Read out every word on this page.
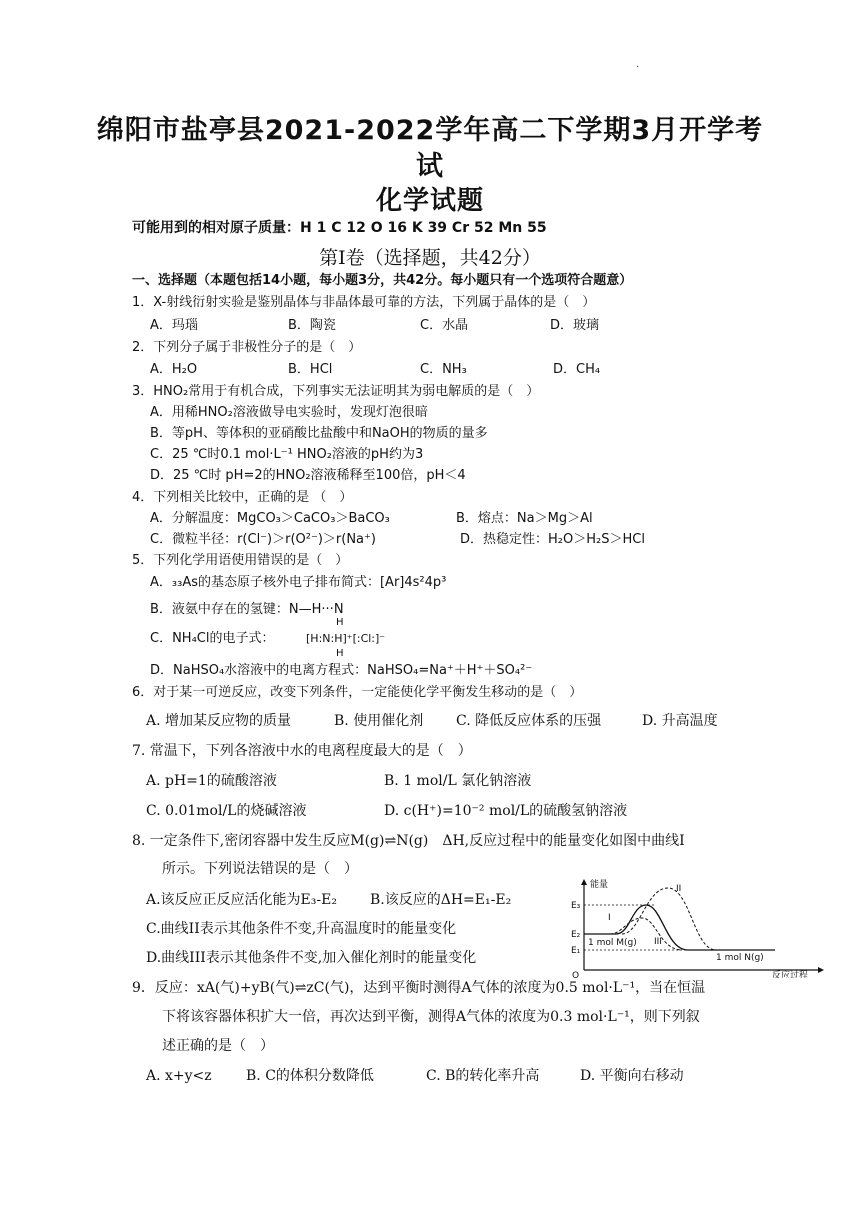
·
绵阳市盐亭县2021-2022学年高二下学期3月开学考
试
化学试题
可能用到的相对原子质量：H 1 C 12 O 16 K 39 Cr 52 Mn 55
第Ⅰ卷（选择题，共42分）
一、选择题（本题包括14小题，每小题3分，共42分。每小题只有一个选项符合题意）
1．X-射线衍射实验是鉴别晶体与非晶体最可靠的方法，下列属于晶体的是（　）
A．玛瑙	B．陶瓷	C．水晶	D．玻璃
2．下列分子属于非极性分子的是（　）
A．H₂O	B．HCl	C．NH₃	D．CH₄
3．HNO₂常用于有机合成，下列事实无法证明其为弱电解质的是（　）
A．用稀HNO₂溶液做导电实验时，发现灯泡很暗
B．等pH、等体积的亚硝酸比盐酸中和NaOH的物质的量多
C．25 ℃时0.1 mol·L⁻¹ HNO₂溶液的pH约为3
D．25 ℃时 pH=2的HNO₂溶液稀释至100倍，pH＜4
4．下列相关比较中，正确的是 （　）
A．分解温度：MgCO₃＞CaCO₃＞BaCO₃	B．熔点：Na＞Mg＞Al
C．微粒半径：r(Cl⁻)＞r(O²⁻)＞r(Na⁺)	D．热稳定性：H₂O＞H₂S＞HCl
5．下列化学用语使用错误的是（　）
A．₃₃As的基态原子核外电子排布简式：[Ar]4s²4p³
B．液氨中存在的氢键：N—H···N
C．NH₄Cl的电子式：
H
[H:N:H]⁺[:Cl:]⁻
H
D．NaHSO₄水溶液中的电离方程式：NaHSO₄=Na⁺＋H⁺＋SO₄²⁻
6．对于某一可逆反应，改变下列条件，一定能使化学平衡发生移动的是（　）
A. 增加某反应物的质量	B. 使用催化剂 C. 降低反应体系的压强	D. 升高温度
7. 常温下，下列各溶液中水的电离程度最大的是（　）
A. pH=1的硫酸溶液	B. 1 mol/L 氯化钠溶液
C. 0.01mol/L的烧碱溶液	D. c(H⁺)=10⁻² mol/L的硫酸氢钠溶液
8. 一定条件下,密闭容器中发生反应M(g)⇌N(g)　ΔH,反应过程中的能量变化如图中曲线I
所示。下列说法错误的是（　）
A.该反应正反应活化能为E₃-E₂ B.该反应的ΔH=E₁-E₂
C.曲线II表示其他条件不变,升高温度时的能量变化
D.曲线III表示其他条件不变,加入催化剂时的能量变化
能量
E₃
E₂
E₁
O
I
II
III
1 mol M(g)
1 mol N(g)
反应过程
9．反应：xA(气)+yB(气)⇌zC(气)，达到平衡时测得A气体的浓度为0.5 mol·L⁻¹，当在恒温
下将该容器体积扩大一倍，再次达到平衡，测得A气体的浓度为0.3 mol·L⁻¹，则下列叙
述正确的是（　）
A. x+y<z B. C的体积分数降低	C. B的转化率升高	D. 平衡向右移动
